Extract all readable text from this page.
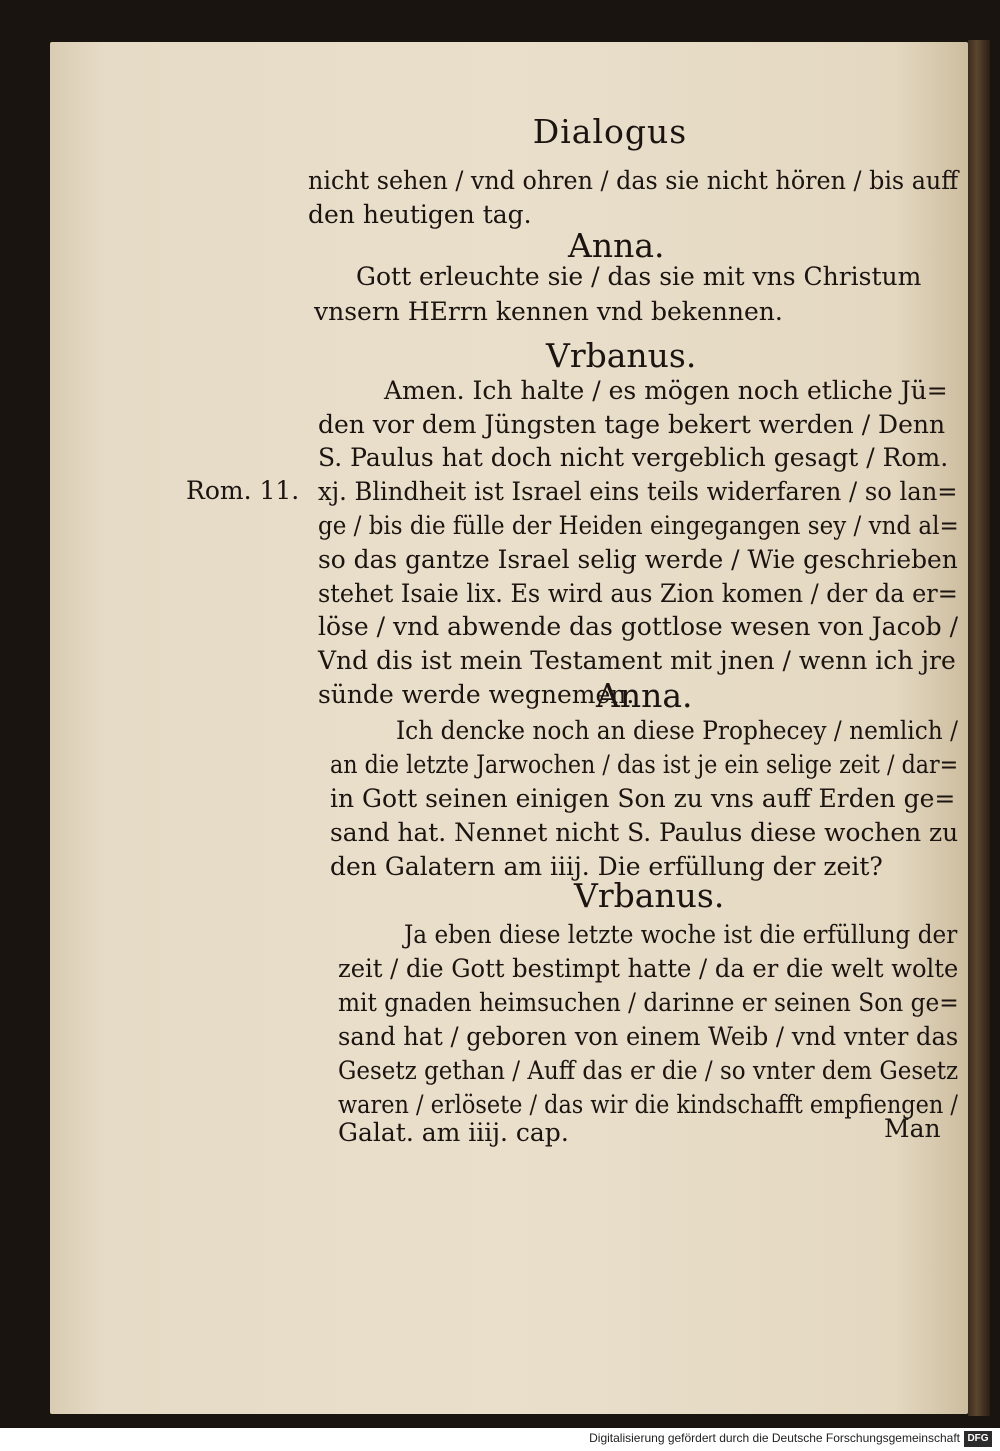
Dialogus
Rom. 11.
nicht sehen / vnd ohren / das sie nicht hören / bis auff
den heutigen tag.
Anna.
Gott erleuchte sie / das sie mit vns Christum
vnsern HErrn kennen vnd bekennen.
Vrbanus.
Amen. Ich halte / es mögen noch etliche Jü=
den vor dem Jüngsten tage bekert werden / Denn
S. Paulus hat doch nicht vergeblich gesagt / Rom.
xj. Blindheit ist Israel eins teils widerfaren / so lan=
ge / bis die fülle der Heiden eingegangen sey / vnd al=
so das gantze Israel selig werde / Wie geschrieben
stehet Isaie lix. Es wird aus Zion komen / der da er=
löse / vnd abwende das gottlose wesen von Jacob /
Vnd dis ist mein Testament mit jnen / wenn ich jre
sünde werde wegnemen.
Anna.
Ich dencke noch an diese Prophecey / nemlich /
an die letzte Jarwochen / das ist je ein selige zeit / dar=
in Gott seinen einigen Son zu vns auff Erden ge=
sand hat. Nennet nicht S. Paulus diese wochen zu
den Galatern am iiij. Die erfüllung der zeit?
Vrbanus.
Ja eben diese letzte woche ist die erfüllung der
zeit / die Gott bestimpt hatte / da er die welt wolte
mit gnaden heimsuchen / darinne er seinen Son ge=
sand hat / geboren von einem Weib / vnd vnter das
Gesetz gethan / Auff das er die / so vnter dem Gesetz
waren / erlösete / das wir die kindschafft empfiengen /
Galat. am iiij. cap.	Man
Digitalisierung gefördert durch die Deutsche Forschungsgemeinschaft DFG
